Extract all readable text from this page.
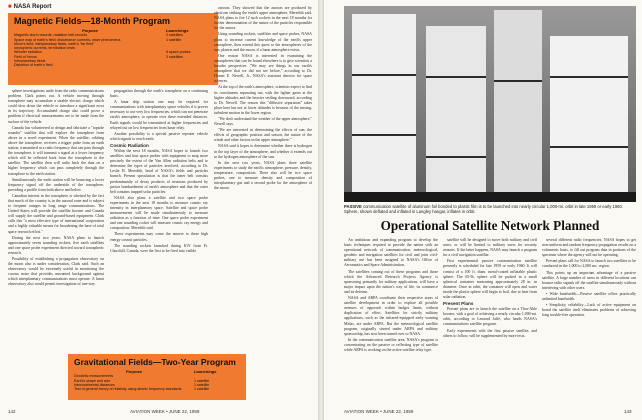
■ NASA Report
Magnetic Fields—18-Month Program
Purpose
Magnetic storm records, radiation belt records
Space map of earth's field, disturbance currents, wave phenomena
Moon's field, interplanetary fields, earth's "far field"
Ionospheric currents, termination tests
Whistler radiation
Field of Venus
Interplanetary fields
Distortion of earth's field
Launchings
2 satellites
1 satellite

5 space probes
3 satellites

sphere investigations aside from the radio communications problem. Clark points out. A vehicle moving through ionosphere may accumulate a sizable electric charge which could slow down the vehicle or introduce a significant error in its trajectory. Accumulated charge also could prove a problem if electrical measurements are to be made from the surface of the vehicle.

Canada has volunteered to design and fabricate a "topside sounder" satellite that will explore the ionosphere from above in a novel experiment. When the satellite, orbiting above the ionosphere, receives a trigger pulse from an earth station, transmitted at a radio frequency that can pass through the ionosphere, it will transmit a signal at a lower frequency which will be reflected back from the ionosphere to the satellite. The satellite then will radio back the data on a higher frequency which can pass completely through the ionosphere to the earth station.

Simultaneously the earth station will be bouncing a lower frequency signal off the underside of the ionosphere, providing a profile from both above and below.

Canadian interest in the ionosphere is whetted by the fact that much of the country is in the auroral zone and is subject to frequent outages in long range communications. The United States will provide the satellite booster and Canada will supply the satellite and ground-based equipment. Clark calls this "a most effective type of international cooperation and a highly valuable means for broadening the base of total space research effort."

During the next two years, NASA plans to launch approximately seven sounding rockets, five earth satellites and one space probe experiment directed toward ionospheric research.

Possibility of establishing a propagation observatory on the moon also is under consideration, Clark said. Such an observatory would be extremely useful in monitoring the corona noise that provides unwanted background against which interplanetary communications must operate. A lunar observatory also would permit investigation of one-way

propagation through the earth's ionosphere on a continuing basis.

A lunar ship station one may be required for communications with interplanetary space vehicles if it proves necessary to use very low frequencies, which can not penetrate earth's atmosphere, to operate over these extended distances. Earth signals would be transmitted at higher frequencies and relayed out on low frequencies from lunar relay.

Another possibility is a special passive repeater vehicle which signals to reach earth.

Cosmic Radiation

Within the next 18 months, NASA hopes to launch two satellites and four space probes with equipment to map more precisely the extent of the Van Allen radiation belts and to determine the types of particles involved, according to Dr. Leslie H. Meredith, head of NASA's fields and particles branch. Present speculation is that the inner belt consists predominantly of decay products of neutrons produced by proton bombardment of earth's atmosphere and that the outer belt contains trapped solar particles.

NASA also plans a satellite and two space probe experiments in the next 18 months to measure cosmic ray intensity in interplanetary space. Satellite and space probe measurements will be made simultaneously to measure radiation as a function of time. One space probe experiment and one sounding rocket will measure cosmic ray energy and composition, Meredith said.

These experiments may come the answer to these high energy cosmic particles.

The sounding rockets launched during IGY from Ft. Churchill, Canada, were the first to be fired into visible

auroras. They showed that the auroras are produced by electrons striking the earth's upper atmosphere, Meredith said. NASA plans to fire 12 such rockets in the next 18 months for further determination of the nature of the particles responsible for the aurora.

Using sounding rockets, satellites and space probes, NASA plans to increase current knowledge of the earth's upper atmosphere, then extend this quest to the atmospheres of the sun, planets and the moon, if a lunar atmosphere exists.

One reason NASA is interested in examining the atmospheres that can be found elsewhere is to give scientists a broader perspective. "We may see things in our earth's atmosphere that we did not see before," according to Dr. Homer E. Newell, Jr., NASA's assistant director for space sciences.

At the top of the earth's atmosphere, scientists expect to find its constituents separating out, with the lighter gases at the higher altitudes and the heavier settling downward, according to Dr. Newell. The reason this "diffusive separation" takes place here but not at lower altitudes is because of the mixing, turbulent motion in the lower region.

"We don't understand the weather of the upper atmosphere," Newell says.

"We are interested in determining the effects of sun, the effects of geographic position and season, the nature of the winds and other factors in the upper atmosphere."

NASA said it hopes to determine whether there is hydrogen in the top layer of the atmosphere, and whether it extends out to the hydrogen atmosphere of the sun.

In the next two years, NASA plans three satellite experiments to study the earth's atmosphere, pressure, density, temperature, composition. There also will be two space probes, one to measure density and composition of interplanetary gas and a second probe for the atmosphere of the moon.

Gravitational Fields—Two-Year Program
Purpose
Geodetic measurements
Earth's shape and size
Intercontinental distances
Test of general theory of relativity using atomic frequency standards
Launchings

1 satellite
1 satellite
1 satellite
142	AVIATION WEEK • JUNE 22, 1959
PASSIVE communication satellite of aluminum foil bonded to plastic film is to be launched into nearly circular 1,000-mi. orbit in late 1959 or early 1960. Sphere, shown deflated and inflated in Langley hangar, inflates in orbit.
Operational Satellite Network Planned

An ambitious and expanding program to develop the basic techniques required to provide the nation with an operational network of communication, meteorological, geodetic and navigation satellites for civil and joint civil-military use has been assigned to NASA's Office of Aeronautics and Space Administration.

The satellites coming out of these programs and those which the Advanced Research Projects Agency is sponsoring primarily for military applications, will have a major impact upon the nation's way of life, its commerce and its defense.

NASA and ARPA coordinate their respective areas of satellite development in order to explore all possible avenues of approach within budget limits, without duplication of effort. Satellites for strictly military applications, such as the infrared-equipped early warning Midas, are under ARPA. But the meteorological satellite program, originally started under ARPA and military sponsorship, has now been turned over to NASA.

In the communication satellite area, NASA's program is concentrating on the passive or reflecting type of satellite while ARPA is working on the active satellite relay type.

satellite will be designed to move both military and civil users, or will be limited to military users for security reasons. If the latter happens, NASA may launch a program for a civil navigation satellite.

First experimental passive communication satellite presently is scheduled for late 1959 or early 1960. It will consist of a 100 ft. diam. metal-coated inflatable plastic sphere. The 65-lb. sphere will be packed in a small spherical container measuring approximately 28 in. in diameter. Once in orbit, the container will open and water inside the plastic sphere will begin to boil, due to heat from solar radiation.

Present Plans

Present plans are to launch the satellite on a Thor-Able booster, with a goal of achieving a nearly circular 1,000-mi. orbit, according to Leonard Jaffe, who heads NASA's communications satellite program.

Early experiments with the first passive satellite, and others to follow, will be supplemented by more tests.

several different radio frequencies. NASA hopes to get non-uniform and random frequency propagation results on a volumetric basis, to fill out program data in portions of the spectrum where the agency will not be operating.

Present plans call for NASA to launch two satellites to be conducted in the 1,000 to 2,000 mc. region.

This points up an important advantage of a passive satellite. A large number of users in different locations can bounce radio signals off the satellite simultaneously without interfering with other users.

• Wide bandwidth—Passive satellite offers practically unlimited bandwidth.

• Simplicity, reliability—Lack of active equipment on board the satellite itself eliminates problems of achieving long trouble-free operation.

AVIATION WEEK • JUNE 22, 1959	143
